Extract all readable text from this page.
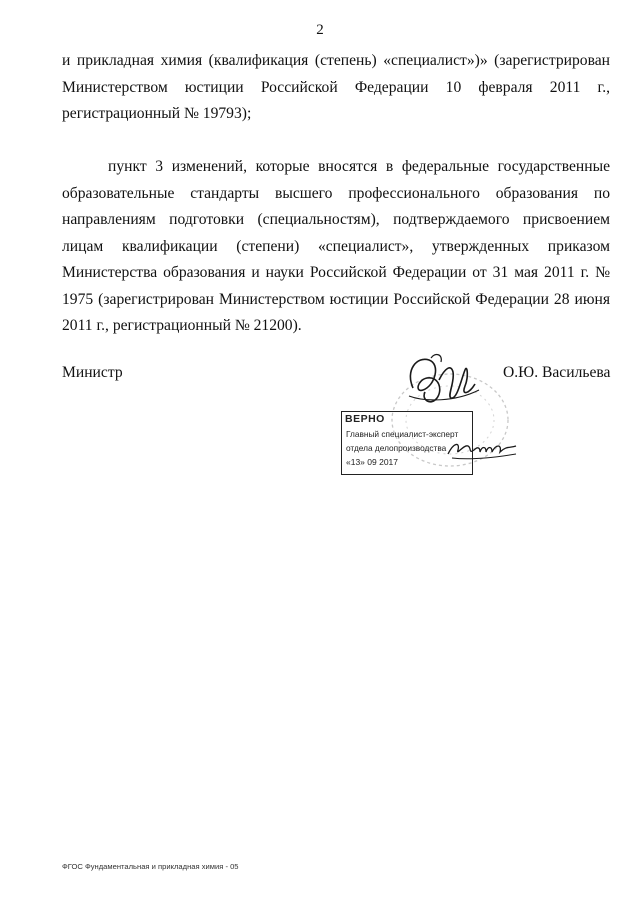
2

и прикладная химия (квалификация (степень) «специалист»)» (зарегистрирован Министерством юстиции Российской Федерации 10 февраля 2011 г., регистрационный № 19793);

пункт 3 изменений, которые вносятся в федеральные государственные образовательные стандарты высшего профессионального образования по направлениям подготовки (специальностям), подтверждаемого присвоением лицам квалификации (степени) «специалист», утвержденных приказом Министерства образования и науки Российской Федерации от 31 мая 2011 г. № 1975 (зарегистрирован Министерством юстиции Российской Федерации 28 июня 2011 г., регистрационный № 21200).

Министр	О.Ю. Васильева
ВЕРНО
Главный специалист-эксперт
отдела делопроизводства
«13» 09 2017
ФГОС Фундаментальная и прикладная химия - 05
